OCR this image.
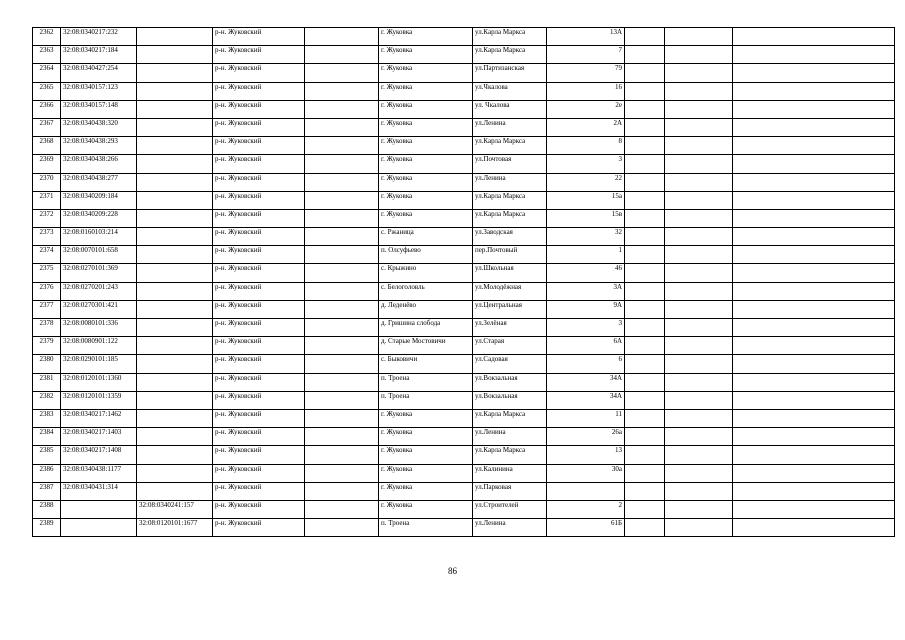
2362	32:08:0340217:232		р-н. Жуковский		г. Жуковка	ул.Карла Маркса	13А			
2363	32:08:0340217:184		р-н. Жуковский		г. Жуковка	ул.Карла Маркса	7			
2364	32:08:0340427:254		р-н. Жуковский		г. Жуковка	ул.Партизанская	79			
2365	32:08:0340157:123		р-н. Жуковский		г. Жуковка	ул.Чкалова	16			
2366	32:08:0340157:148		р-н. Жуковский		г. Жуковка	ул. Чкалова	2е			
2367	32:08:0340438:320		р-н. Жуковский		г. Жуковка	ул.Ленина	2А			
2368	32:08:0340438:293		р-н. Жуковский		г. Жуковка	ул.Карла Маркса	8			
2369	32:08:0340438:266		р-н. Жуковский		г. Жуковка	ул.Почтовая	3			
2370	32:08:0340438:277		р-н. Жуковский		г. Жуковка	ул.Ленина	22			
2371	32:08:0340209:184		р-н. Жуковский		г. Жуковка	ул.Карла Маркса	15а			
2372	32:08:0340209:228		р-н. Жуковский		г. Жуковка	ул.Карла Маркса	15в			
2373	32:08:0160103:214		р-н. Жуковский		с. Ржаница	ул.Заводская	32			
2374	32:08:0070101:658		р-н. Жуковский		п. Олсуфьево	пер.Почтовый	1			
2375	32:08:0270101:369		р-н. Жуковский		с. Крыжино	ул.Школьная	46			
2376	32:08:0270201:243		р-н. Жуковский		с. Белоголовль	ул.Молодёжная	3А			
2377	32:08:0270301:421		р-н. Жуковский		д. Леденёво	ул.Центральная	9А			
2378	32:08:0080101:336		р-н. Жуковский		д. Гришина слобода	ул.Зелёная	3			
2379	32:08:0080901:122		р-н. Жуковский		д. Старые Мостовичи	ул.Старая	6А			
2380	32:08:0290101:185		р-н. Жуковский		с. Быковичи	ул.Садовая	6			
2381	32:08:0120101:1360		р-н. Жуковский		п. Троена	ул.Вокзальная	34А			
2382	32:08:0120101:1359		р-н. Жуковский		п. Троена	ул.Вокзальная	34А			
2383	32:08:0340217:1462		р-н. Жуковский		г. Жуковка	ул.Карла Маркса	11			
2384	32:08:0340217:1403		р-н. Жуковский		г. Жуковка	ул.Ленина	26а			
2385	32:08:0340217:1408		р-н. Жуковский		г. Жуковка	ул.Карла Маркса	13			
2386	32:08:0340438:1177		р-н. Жуковский		г. Жуковка	ул.Калинина	30а			
2387	32:08:0340431:314		р-н. Жуковский		г. Жуковка	ул.Парковая				
2388		32:08:0340241:157	р-н. Жуковский		г. Жуковка	ул.Строителей	2			
2389		32:08:0120101:1677	р-н. Жуковский		п. Троена	ул.Ленина	61Б			
86
